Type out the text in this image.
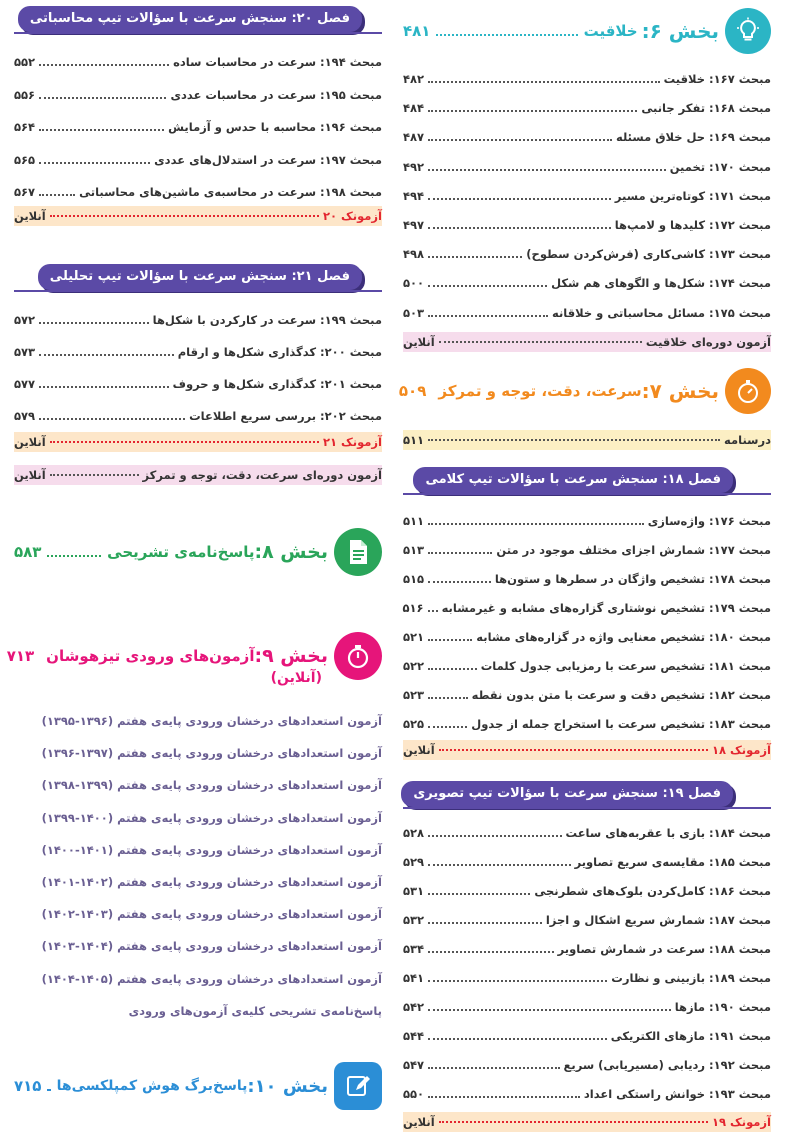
بخش ۶:
خلاقیت
۴۸۱
مبحث ۱۶۷: خلاقیت
۴۸۲
مبحث ۱۶۸: تفکر جانبی
۴۸۴
مبحث ۱۶۹: حل خلاق مسئله
۴۸۷
مبحث ۱۷۰: تخمین
۴۹۲
مبحث ۱۷۱: کوتاه‌ترین مسیر
۴۹۴
مبحث ۱۷۲: کلیدها و لامپ‌ها
۴۹۷
مبحث ۱۷۳: کاشی‌کاری (فرش‌کردن سطوح)
۴۹۸
مبحث ۱۷۴: شکل‌ها و الگوهای هم شکل
۵۰۰
مبحث ۱۷۵: مسائل محاسباتی و خلاقانه
۵۰۳
آزمون دوره‌ای خلاقیت
آنلاین
بخش ۷:
سرعت، دقت، توجه و تمرکز
۵۰۹
درسنامه
۵۱۱
فصل ۱۸: سنجش سرعت با سؤالات تیپ کلامی
مبحث ۱۷۶: واژه‌سازی
۵۱۱
مبحث ۱۷۷: شمارش اجزای مختلف موجود در متن
۵۱۳
مبحث ۱۷۸: تشخیص واژگان در سطرها و ستون‌ها
۵۱۵
مبحث ۱۷۹: تشخیص نوشتاری گزاره‌های مشابه و غیرمشابه
۵۱۶
مبحث ۱۸۰: تشخیص معنایی واژه در گزاره‌های مشابه
۵۲۱
مبحث ۱۸۱: تشخیص سرعت با رمزیابی جدول کلمات
۵۲۲
مبحث ۱۸۲: تشخیص دقت و سرعت با متن بدون نقطه
۵۲۳
مبحث ۱۸۳: تشخیص سرعت با استخراج جمله از جدول
۵۲۵
آزمونک ۱۸
آنلاین
فصل ۱۹: سنجش سرعت با سؤالات تیپ تصویری
مبحث ۱۸۴: بازی با عقربه‌های ساعت
۵۲۸
مبحث ۱۸۵: مقایسه‌ی سریع تصاویر
۵۲۹
مبحث ۱۸۶: کامل‌کردن بلوک‌های شطرنجی
۵۳۱
مبحث ۱۸۷: شمارش سریع اشکال و اجزا
۵۳۲
مبحث ۱۸۸: سرعت در شمارش تصاویر
۵۳۴
مبحث ۱۸۹: بازبینی و نظارت
۵۴۱
مبحث ۱۹۰: مازها
۵۴۲
مبحث ۱۹۱: مازهای الکتریکی
۵۴۴
مبحث ۱۹۲: ردیابی (مسیریابی) سریع
۵۴۷
مبحث ۱۹۳: خوانش راستکی اعداد
۵۵۰
آزمونک ۱۹
آنلاین
فصل ۲۰: سنجش سرعت با سؤالات تیپ محاسباتی
مبحث ۱۹۴: سرعت در محاسبات ساده
۵۵۲
مبحث ۱۹۵: سرعت در محاسبات عددی
۵۵۶
مبحث ۱۹۶: محاسبه با حدس و آزمایش
۵۶۴
مبحث ۱۹۷: سرعت در استدلال‌های عددی
۵۶۵
مبحث ۱۹۸: سرعت در محاسبه‌ی ماشین‌های محاسباتی
۵۶۷
آزمونک ۲۰
آنلاین
فصل ۲۱: سنجش سرعت با سؤالات تیپ تحلیلی
مبحث ۱۹۹: سرعت در کارکردن با شکل‌ها
۵۷۲
مبحث ۲۰۰: کدگذاری شکل‌ها و ارقام
۵۷۳
مبحث ۲۰۱: کدگذاری شکل‌ها و حروف
۵۷۷
مبحث ۲۰۲: بررسی سریع اطلاعات
۵۷۹
آزمونک ۲۱
آنلاین
آزمون دوره‌ای سرعت، دقت، توجه و تمرکز
آنلاین
بخش ۸:
پاسخ‌نامه‌ی تشریحی
۵۸۳
بخش ۹:
آزمون‌های ورودی تیزهوشان
۷۱۳
(آنلاین)
آزمون استعدادهای درخشان ورودی پایه‌ی هفتم (۱۳۹۶-۱۳۹۵)
آزمون استعدادهای درخشان ورودی پایه‌ی هفتم (۱۳۹۷-۱۳۹۶)
آزمون استعدادهای درخشان ورودی پایه‌ی هفتم (۱۳۹۹-۱۳۹۸)
آزمون استعدادهای درخشان ورودی پایه‌ی هفتم (۱۴۰۰-۱۳۹۹)
آزمون استعدادهای درخشان ورودی پایه‌ی هفتم (۱۴۰۱-۱۴۰۰)
آزمون استعدادهای درخشان ورودی پایه‌ی هفتم (۱۴۰۲-۱۴۰۱)
آزمون استعدادهای درخشان ورودی پایه‌ی هفتم (۱۴۰۳-۱۴۰۲)
آزمون استعدادهای درخشان ورودی پایه‌ی هفتم (۱۴۰۴-۱۴۰۳)
آزمون استعدادهای درخشان ورودی پایه‌ی هفتم (۱۴۰۵-۱۴۰۴)
پاسخ‌نامه‌ی تشریحی کلیه‌ی آزمون‌های ورودی
بخش ۱۰:
پاسخ‌برگ هوش کمپلکسی‌ها
۷۱۵
